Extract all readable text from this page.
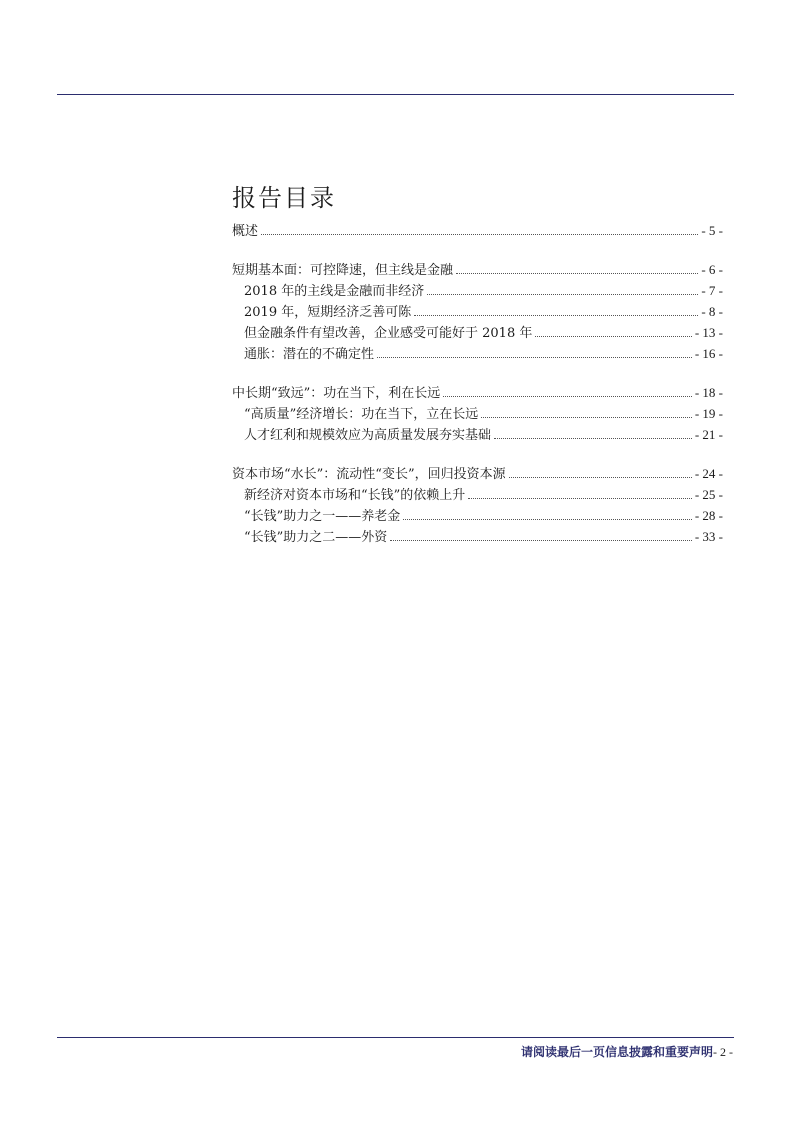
报告目录
概述	- 5 -
短期基本面：可控降速，但主线是金融	- 6 -
2018 年的主线是金融而非经济	- 7 -
2019 年，短期经济乏善可陈	- 8 -
但金融条件有望改善，企业感受可能好于 2018 年	- 13 -
通胀：潜在的不确定性	- 16 -
中长期“致远”：功在当下，利在长远	- 18 -
“高质量”经济增长：功在当下，立在长远	- 19 -
人才红利和规模效应为高质量发展夯实基础	- 21 -
资本市场“水长”：流动性“变长”，回归投资本源	- 24 -
新经济对资本市场和“长钱”的依赖上升	- 25 -
“长钱”助力之一——养老金	- 28 -
“长钱”助力之二——外资	- 33 -
请阅读最后一页信息披露和重要声明- 2 -
